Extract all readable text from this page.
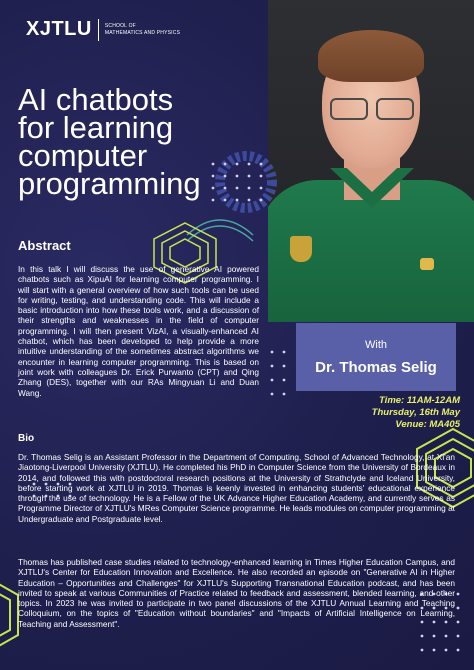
XJTLU	SCHOOL OF
MATHEMATICS AND PHYSICS
AI chatbots
for learning
computer
programming
Abstract

In this talk I will discuss the use of generative AI powered chatbots such as XipuAI for learning computer programming. I will start with a general overview of how such tools can be used for writing, testing, and understanding code. This will include a basic introduction into how these tools work, and a discussion of their strengths and weaknesses in the field of computer programming. I will then present VizAI, a visually-enhanced AI chatbot, which has been developed to help provide a more intuitive understanding of the sometimes abstract algorithms we encounter in learning computer programming. This is based on joint work with colleagues Dr. Erick Purwanto (CPT) and Qing Zhang (DES), together with our RAs Mingyuan Li and Duan Wang.

With
Dr. Thomas Selig
Time: 11AM-12AM
Thursday, 16th May
Venue: MA405
Bio

Dr. Thomas Selig is an Assistant Professor in the Department of Computing, School of Advanced Technology, at Xi'an Jiaotong-Liverpool University (XJTLU). He completed his PhD in Computer Science from the University of Bordeaux in 2014, and followed this with postdoctoral research positions at the University of Strathclyde and Iceland University, before starting work at XJTLU in 2019. Thomas is keenly invested in enhancing students' educational experience through the use of technology. He is a Fellow of the UK Advance Higher Education Academy, and currently serves as Programme Director of XJTLU's MRes Computer Science programme. He leads modules on computer programming at Undergraduate and Postgraduate level.

Thomas has published case studies related to technology-enhanced learning in Times Higher Education Campus, and XJTLU's Center for Education Innovation and Excellence. He also recorded an episode on "Generative AI in Higher Education – Opportunities and Challenges" for XJTLU's Supporting Transnational Education podcast, and has been invited to speak at various Communities of Practice related to feedback and assessment, blended learning, and other topics. In 2023 he was invited to participate in two panel discussions of the XJTLU Annual Learning and Teaching Colloquium, on the topics of "Education without boundaries" and "Impacts of Artificial Intelligence on Learning, Teaching and Assessment".
